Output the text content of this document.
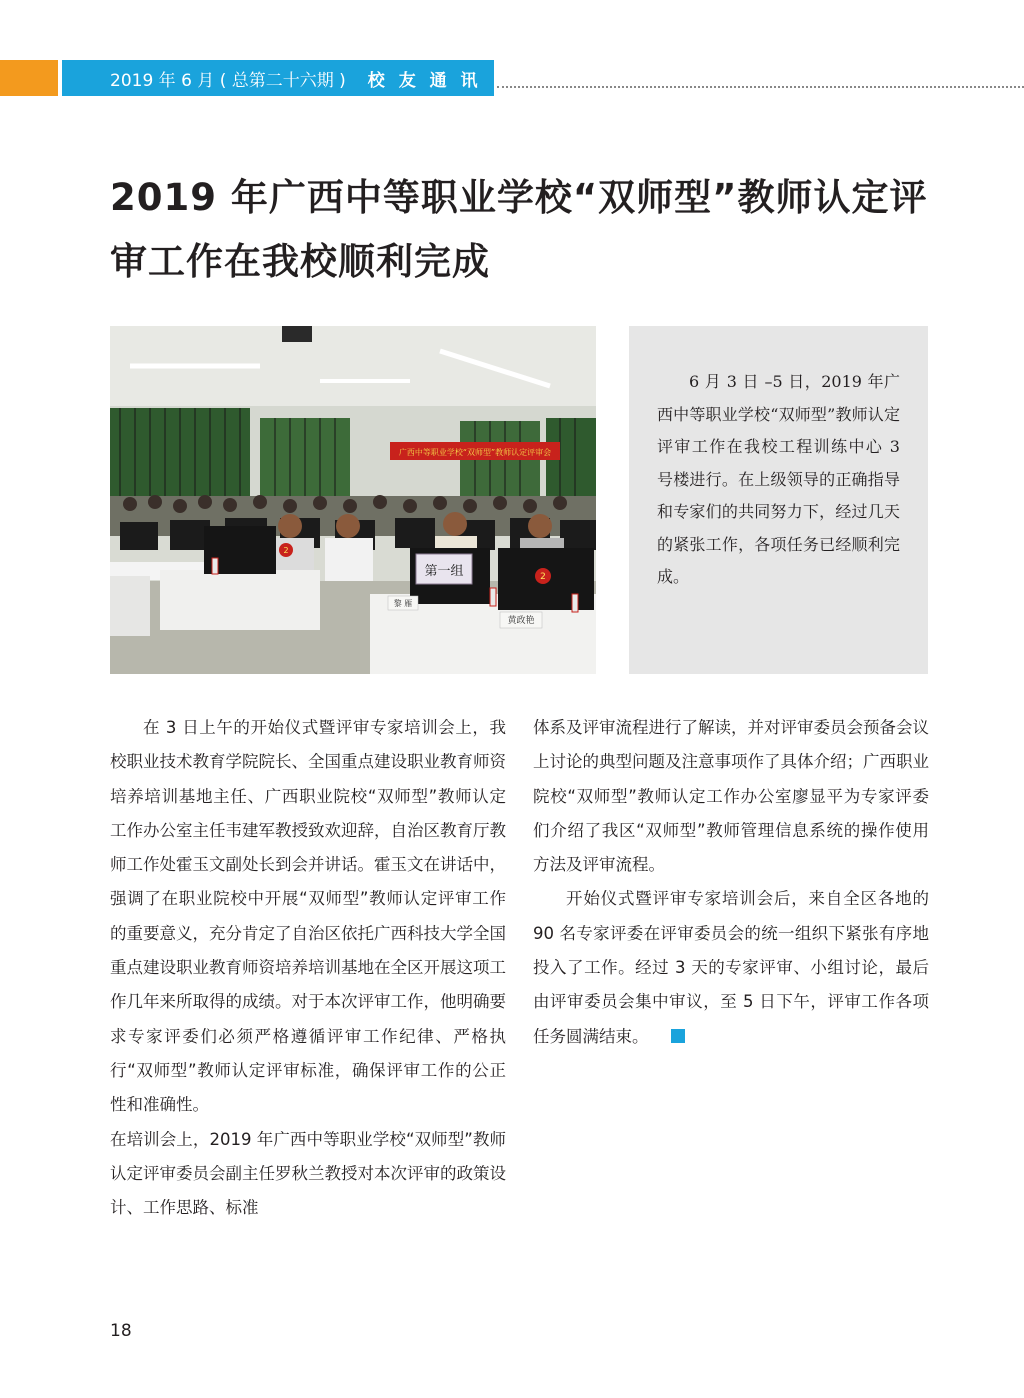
2019 年 6 月 ( 总第二十六期 ) 校 友 通 讯
2019 年广西中等职业学校“双师型”教师认定评审工作在我校顺利完成
广西中等职业学校“双师型”教师认定评审会
2
2
第一组
黎 雁
黄政艳

6 月 3 日 –5 日，2019 年广西中等职业学校“双师型”教师认定评审工作在我校工程训练中心 3 号楼进行。在上级领导的正确指导和专家们的共同努力下，经过几天的紧张工作，各项任务已经顺利完成。

在 3 日上午的开始仪式暨评审专家培训会上，我校职业技术教育学院院长、全国重点建设职业教育师资培养培训基地主任、广西职业院校“双师型”教师认定工作办公室主任韦建军教授致欢迎辞，自治区教育厅教师工作处霍玉文副处长到会并讲话。霍玉文在讲话中，强调了在职业院校中开展“双师型”教师认定评审工作的重要意义，充分肯定了自治区依托广西科技大学全国重点建设职业教育师资培养培训基地在全区开展这项工作几年来所取得的成绩。对于本次评审工作，他明确要求专家评委们必须严格遵循评审工作纪律、严格执行“双师型”教师认定评审标准，确保评审工作的公正性和准确性。

在培训会上，2019 年广西中等职业学校“双师型”教师认定评审委员会副主任罗秋兰教授对本次评审的政策设计、工作思路、标准

体系及评审流程进行了解读，并对评审委员会预备会议上讨论的典型问题及注意事项作了具体介绍；广西职业院校“双师型”教师认定工作办公室廖显平为专家评委们介绍了我区“双师型”教师管理信息系统的操作使用方法及评审流程。

开始仪式暨评审专家培训会后，来自全区各地的 90 名专家评委在评审委员会的统一组织下紧张有序地投入了工作。经过 3 天的专家评审、小组讨论，最后由评审委员会集中审议，至 5 日下午，评审工作各项任务圆满结束。

18
